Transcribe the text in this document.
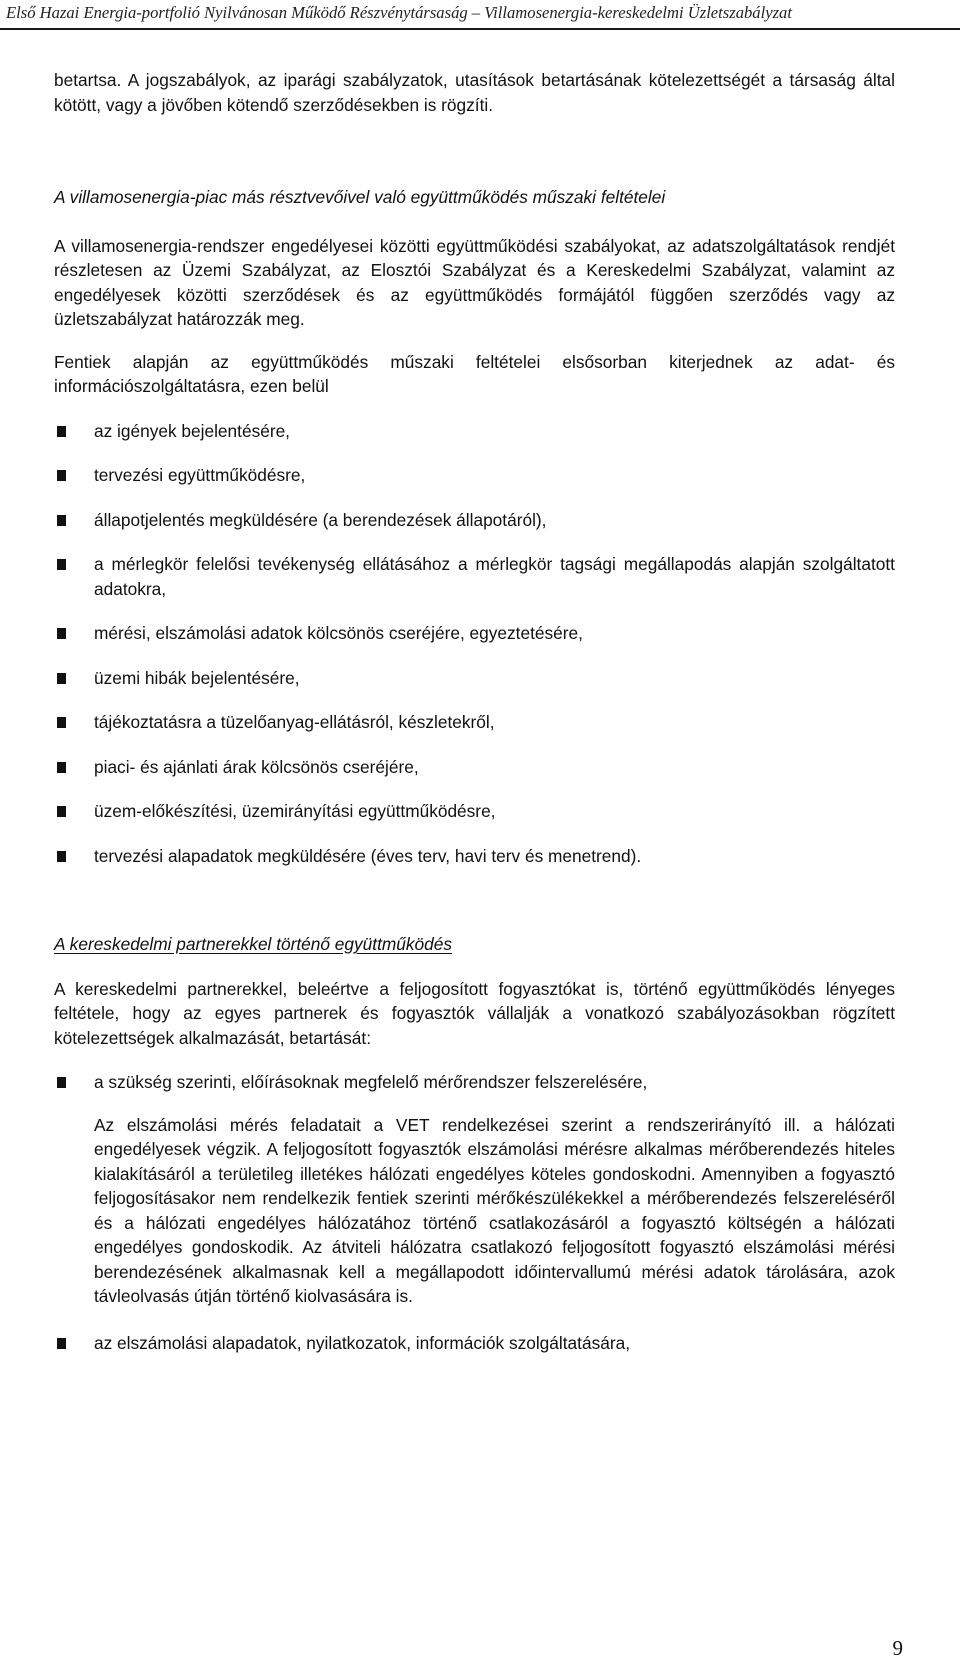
Első Hazai Energia-portfolió Nyilvánosan Működő Részvénytársaság – Villamosenergia-kereskedelmi Üzletszabályzat

betartsa. A jogszabályok, az iparági szabályzatok, utasítások betartásának kötelezettségét a társaság által kötött, vagy a jövőben kötendő szerződésekben is rögzíti.

A villamosenergia-piac más résztvevőivel való együttműködés műszaki feltételei

A villamosenergia-rendszer engedélyesei közötti együttműködési szabályokat, az adatszolgáltatások rendjét részletesen az Üzemi Szabályzat, az Elosztói Szabályzat és a Kereskedelmi Szabályzat, valamint az engedélyesek közötti szerződések és az együttműködés formájától függően szerződés vagy az üzletszabályzat határozzák meg.

Fentiek alapján az együttműködés műszaki feltételei elsősorban kiterjednek az adat- és információszolgáltatásra, ezen belül

az igények bejelentésére,
tervezési együttműködésre,
állapotjelentés megküldésére (a berendezések állapotáról),
a mérlegkör felelősi tevékenység ellátásához a mérlegkör tagsági megállapodás alapján szolgáltatott adatokra,
mérési, elszámolási adatok kölcsönös cseréjére, egyeztetésére,
üzemi hibák bejelentésére,
tájékoztatásra a tüzelőanyag-ellátásról, készletekről,
piaci- és ajánlati árak kölcsönös cseréjére,
üzem-előkészítési, üzemirányítási együttműködésre,
tervezési alapadatok megküldésére (éves terv, havi terv és menetrend).

A kereskedelmi partnerekkel történő együttműködés

A kereskedelmi partnerekkel, beleértve a feljogosított fogyasztókat is, történő együttműködés lényeges feltétele, hogy az egyes partnerek és fogyasztók vállalják a vonatkozó szabályozásokban rögzített kötelezettségek alkalmazását, betartását:

a szükség szerinti, előírásoknak megfelelő mérőrendszer felszerelésére,

Az elszámolási mérés feladatait a VET rendelkezései szerint a rendszerirányító ill. a hálózati engedélyesek végzik. A feljogosított fogyasztók elszámolási mérésre alkalmas mérőberendezés hiteles kialakításáról a területileg illetékes hálózati engedélyes köteles gondoskodni. Amennyiben a fogyasztó feljogosításakor nem rendelkezik fentiek szerinti mérőkészülékekkel a mérőberendezés felszereléséről és a hálózati engedélyes hálózatához történő csatlakozásáról a fogyasztó költségén a hálózati engedélyes gondoskodik. Az átviteli hálózatra csatlakozó feljogosított fogyasztó elszámolási mérési berendezésének alkalmasnak kell a megállapodott időintervallumú mérési adatok tárolására, azok távleolvasás útján történő kiolvasására is.

az elszámolási alapadatok, nyilatkozatok, információk szolgáltatására,
9
